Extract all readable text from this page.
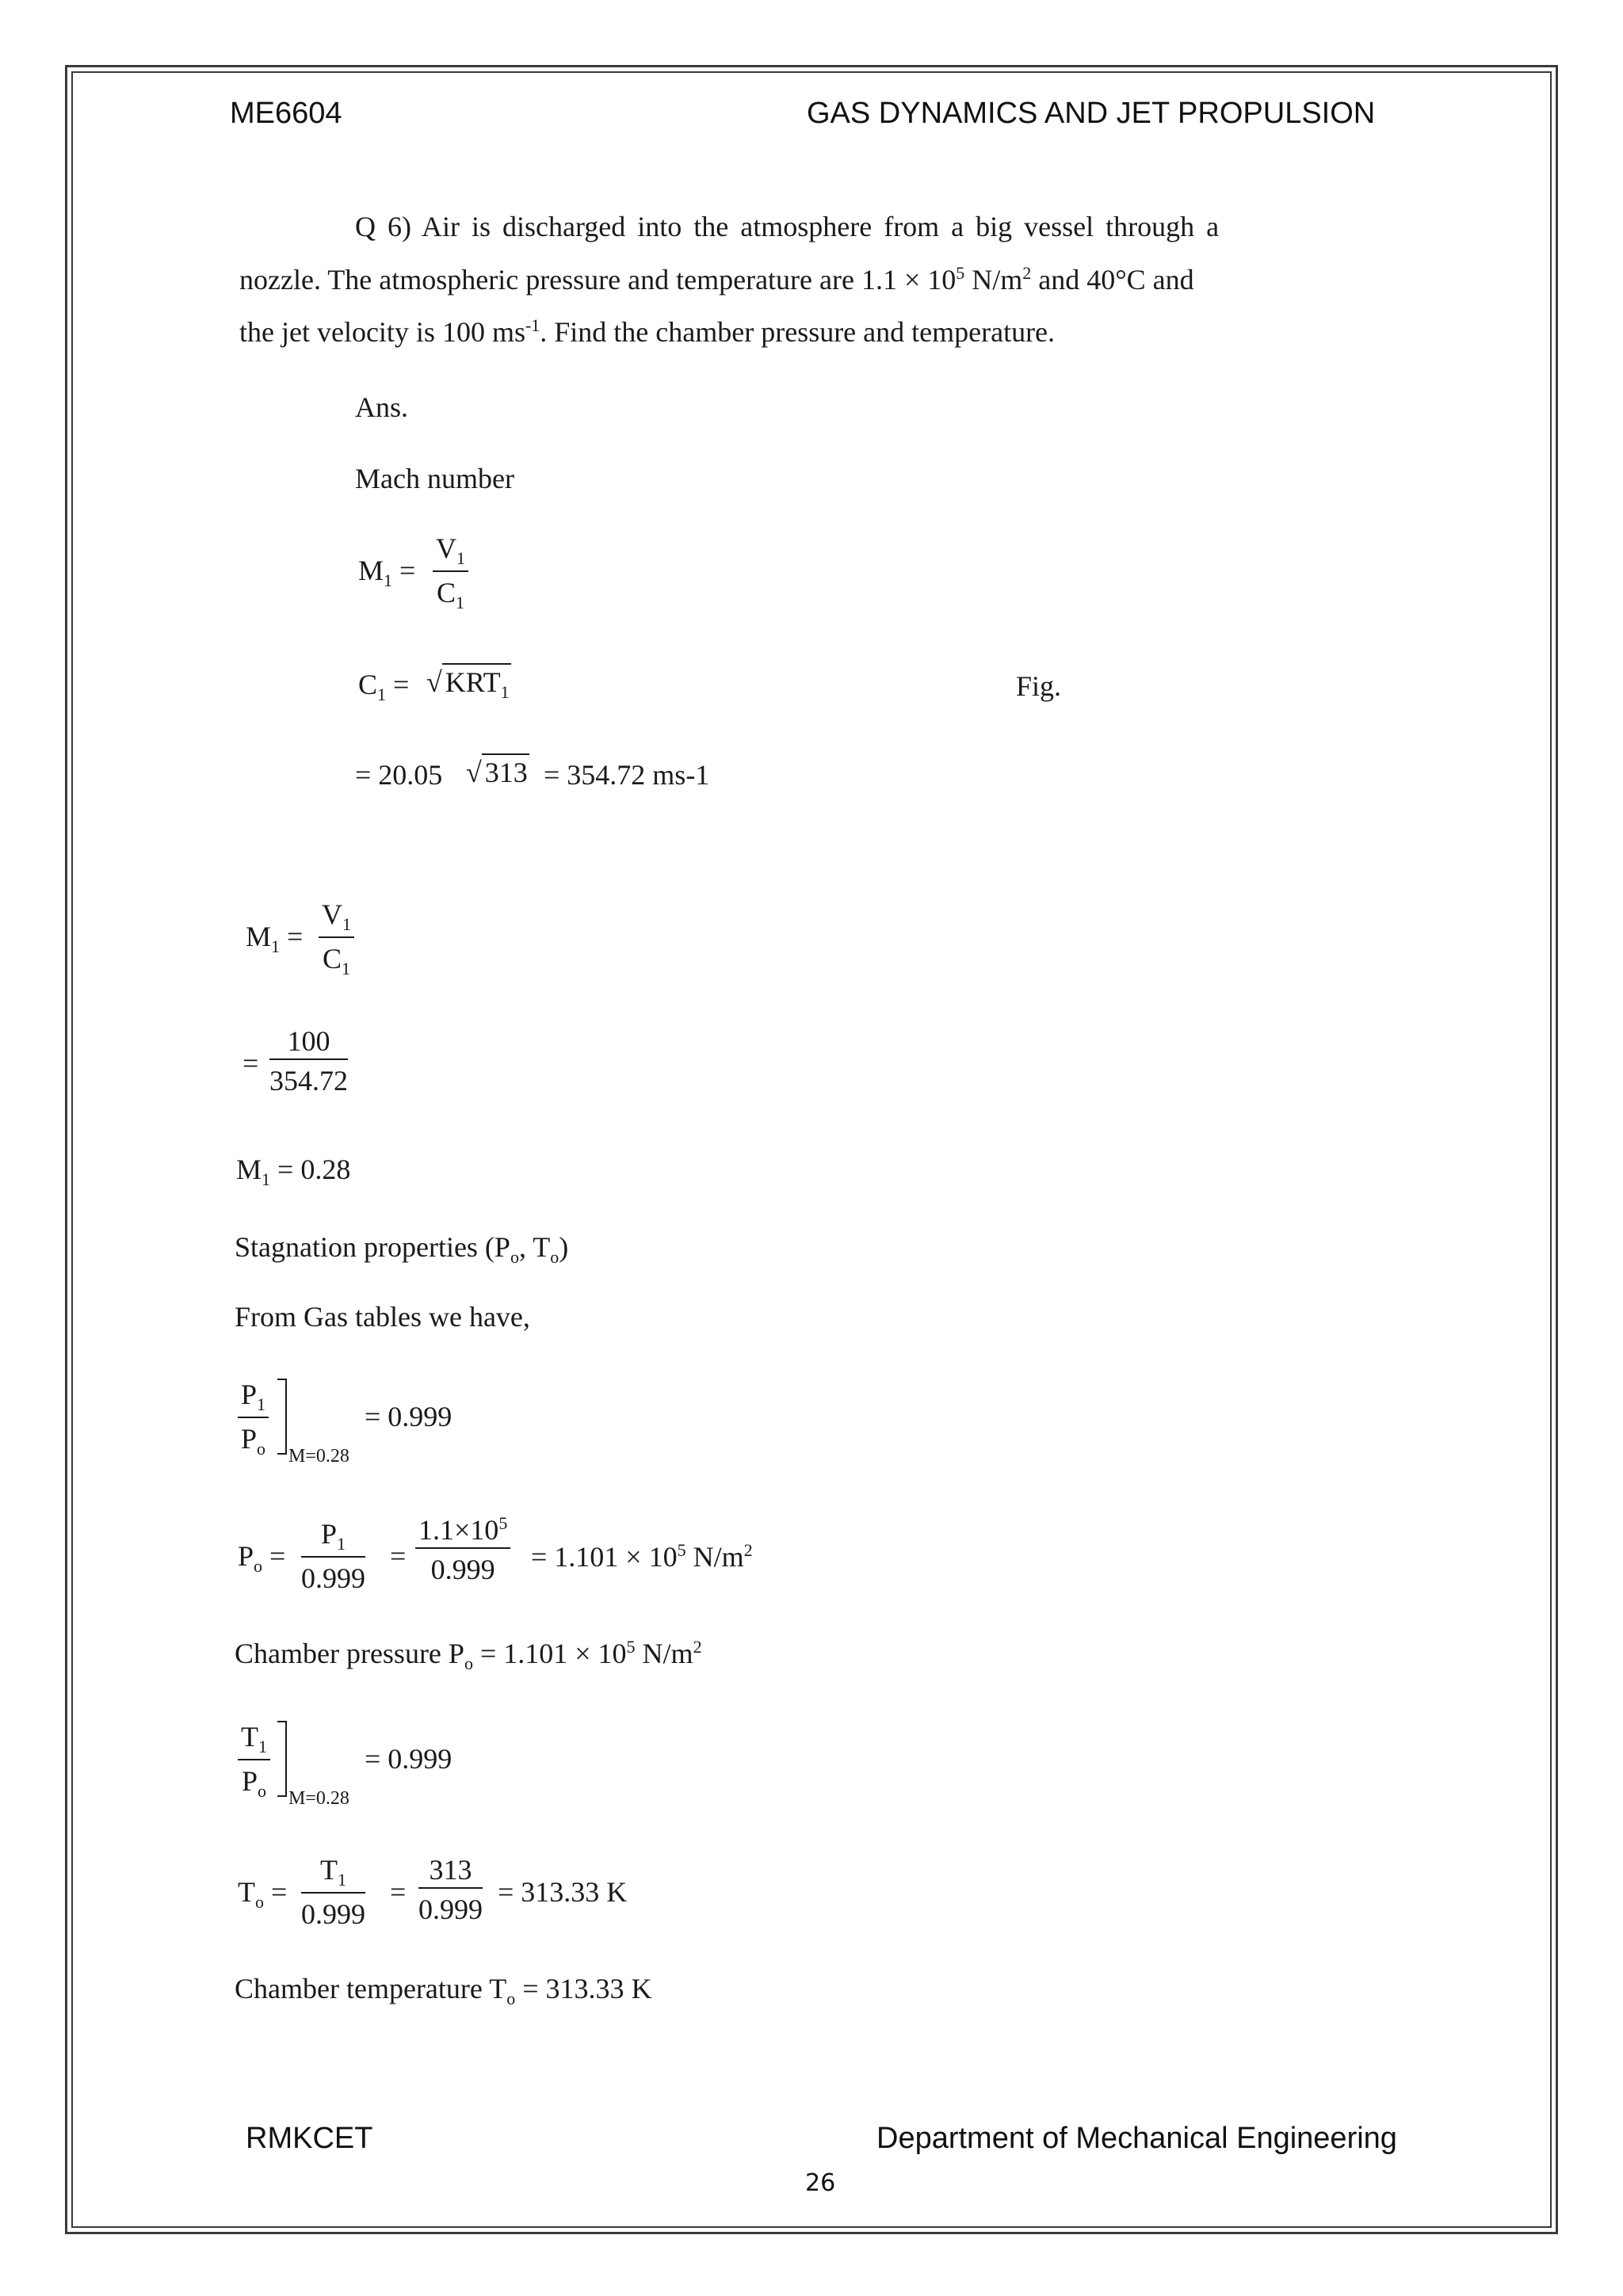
ME6604	GAS DYNAMICS AND JET PROPULSION
Q 6) Air is discharged into the atmosphere from a big vessel through a
nozzle. The atmospheric pressure and temperature are $1.1 \times 10^5$ $N/m^2$ and 40°C and
the jet velocity is 100 $ms^{-1}$. Find the chamber pressure and temperature.
Ans.
Mach number
$M_1 = \frac{V_1}{C_1}$
$C_1$ = √ $KRT_1$	Fig.
= 20.05 √ 313 = 354.72 ms-1
$M_1 = \frac{V_1}{C_1}$
= $\frac{100}{354.72}$
$M_1 = 0.28$
Stagnation properties ($P_o$, $T_o$)
From Gas tables we have,
$\frac{P_1}{P_o} M=0.28$
= 0.999
$P_o = \frac{P_1}{0.999} = \frac{1.1\times 10^5}{0.999} = 1.101 \times 10^5$ $N/m^2$
Chamber pressure $P_o = 1.101 \times 10^5$ $N/m^2$
$\frac{T_1}{P_o} M=0.28$
= 0.999
$T_o = \frac{T_1}{0.999} = \frac{313}{0.999} = 313.33$ K
Chamber temperature $T_o = 313.33$ K
RMKCET	Department of Mechanical Engineering
26
